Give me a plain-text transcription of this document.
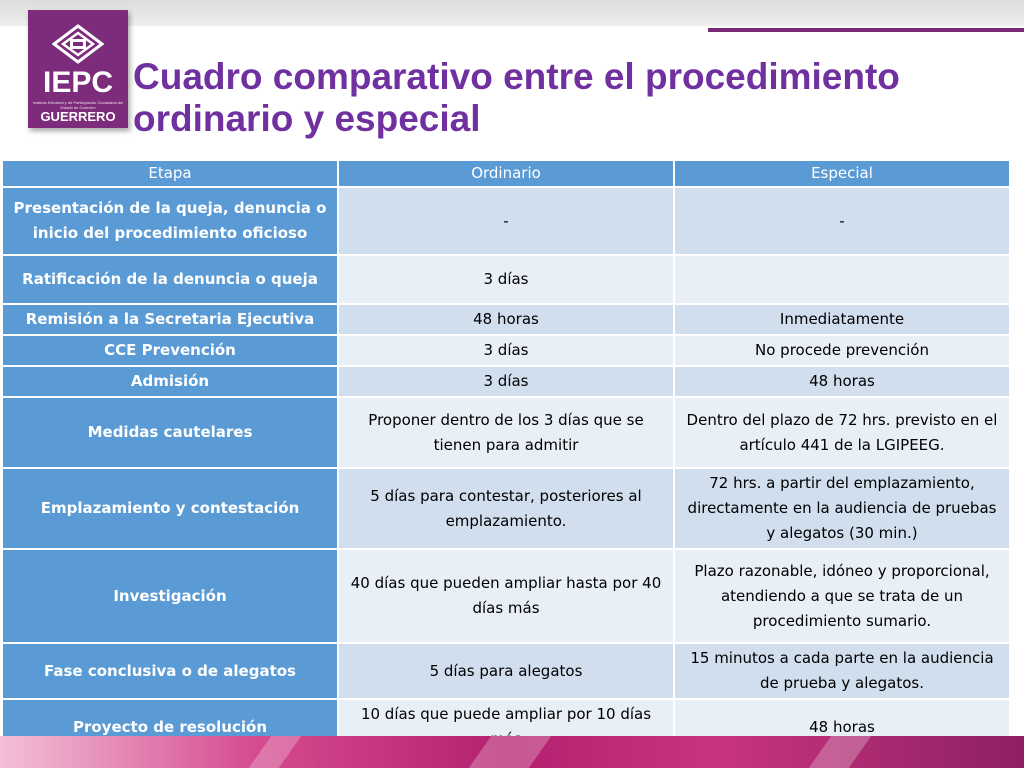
IEPC
Instituto Electoral y de Participación Ciudadana del Estado de Guerrero
GUERRERO
Cuadro comparativo entre el procedimiento ordinario y especial
Etapa	Ordinario	Especial
Presentación de la queja, denuncia o inicio del procedimiento oficioso	-	-
Ratificación de la denuncia o queja	3 días	
Remisión a la Secretaria Ejecutiva	48 horas	Inmediatamente
CCE Prevención	3 días	No procede prevención
Admisión	3 días	48 horas
Medidas cautelares	Proponer dentro de los 3 días que se tienen para admitir	Dentro del plazo de 72 hrs. previsto en el artículo 441 de la LGIPEEG.
Emplazamiento y contestación	5 días para contestar, posteriores al emplazamiento.	72 hrs. a partir del emplazamiento, directamente en la audiencia de pruebas y alegatos (30 min.)
Investigación	40 días que pueden ampliar hasta por 40 días más	Plazo razonable, idóneo y proporcional, atendiendo a que se trata de un procedimiento sumario.
Fase conclusiva o de alegatos	5 días para alegatos	15 minutos a cada parte en la audiencia de prueba y alegatos.
Proyecto de resolución	10 días que puede ampliar por 10 días	48 horas
